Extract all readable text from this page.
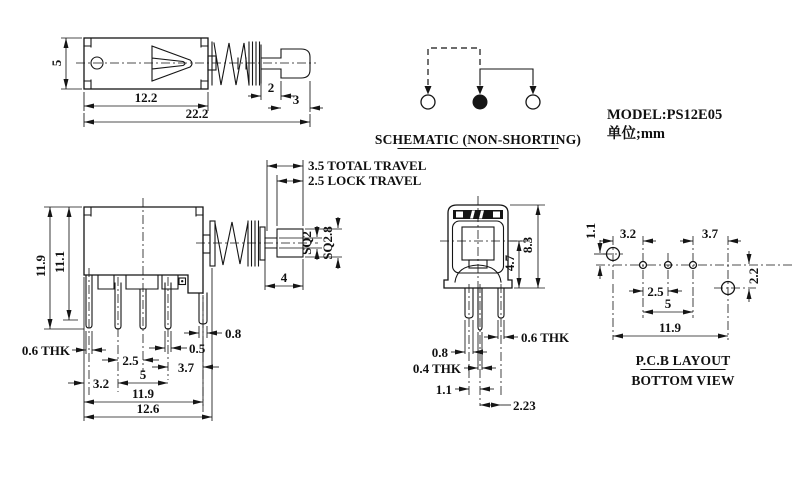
5
12.2
2
3
22.2
SCHEMATIC (NON-SHORTING)
MODEL:PS12E05
单位;mm
3.5 TOTAL TRAVEL
2.5 LOCK TRAVEL
SQ2 SQ2.8
4
11.9 11.1
0.6 THK
0.8
0.5
2.5	3.7
3.2
5
11.9
12.6
4.7
8.3
0.6 THK
0.8
0.4 THK
1.1
2.23
1.1 3.2	3.7
2.5
5
11.9
2.2
P.C.B LAYOUT
BOTTOM VIEW
